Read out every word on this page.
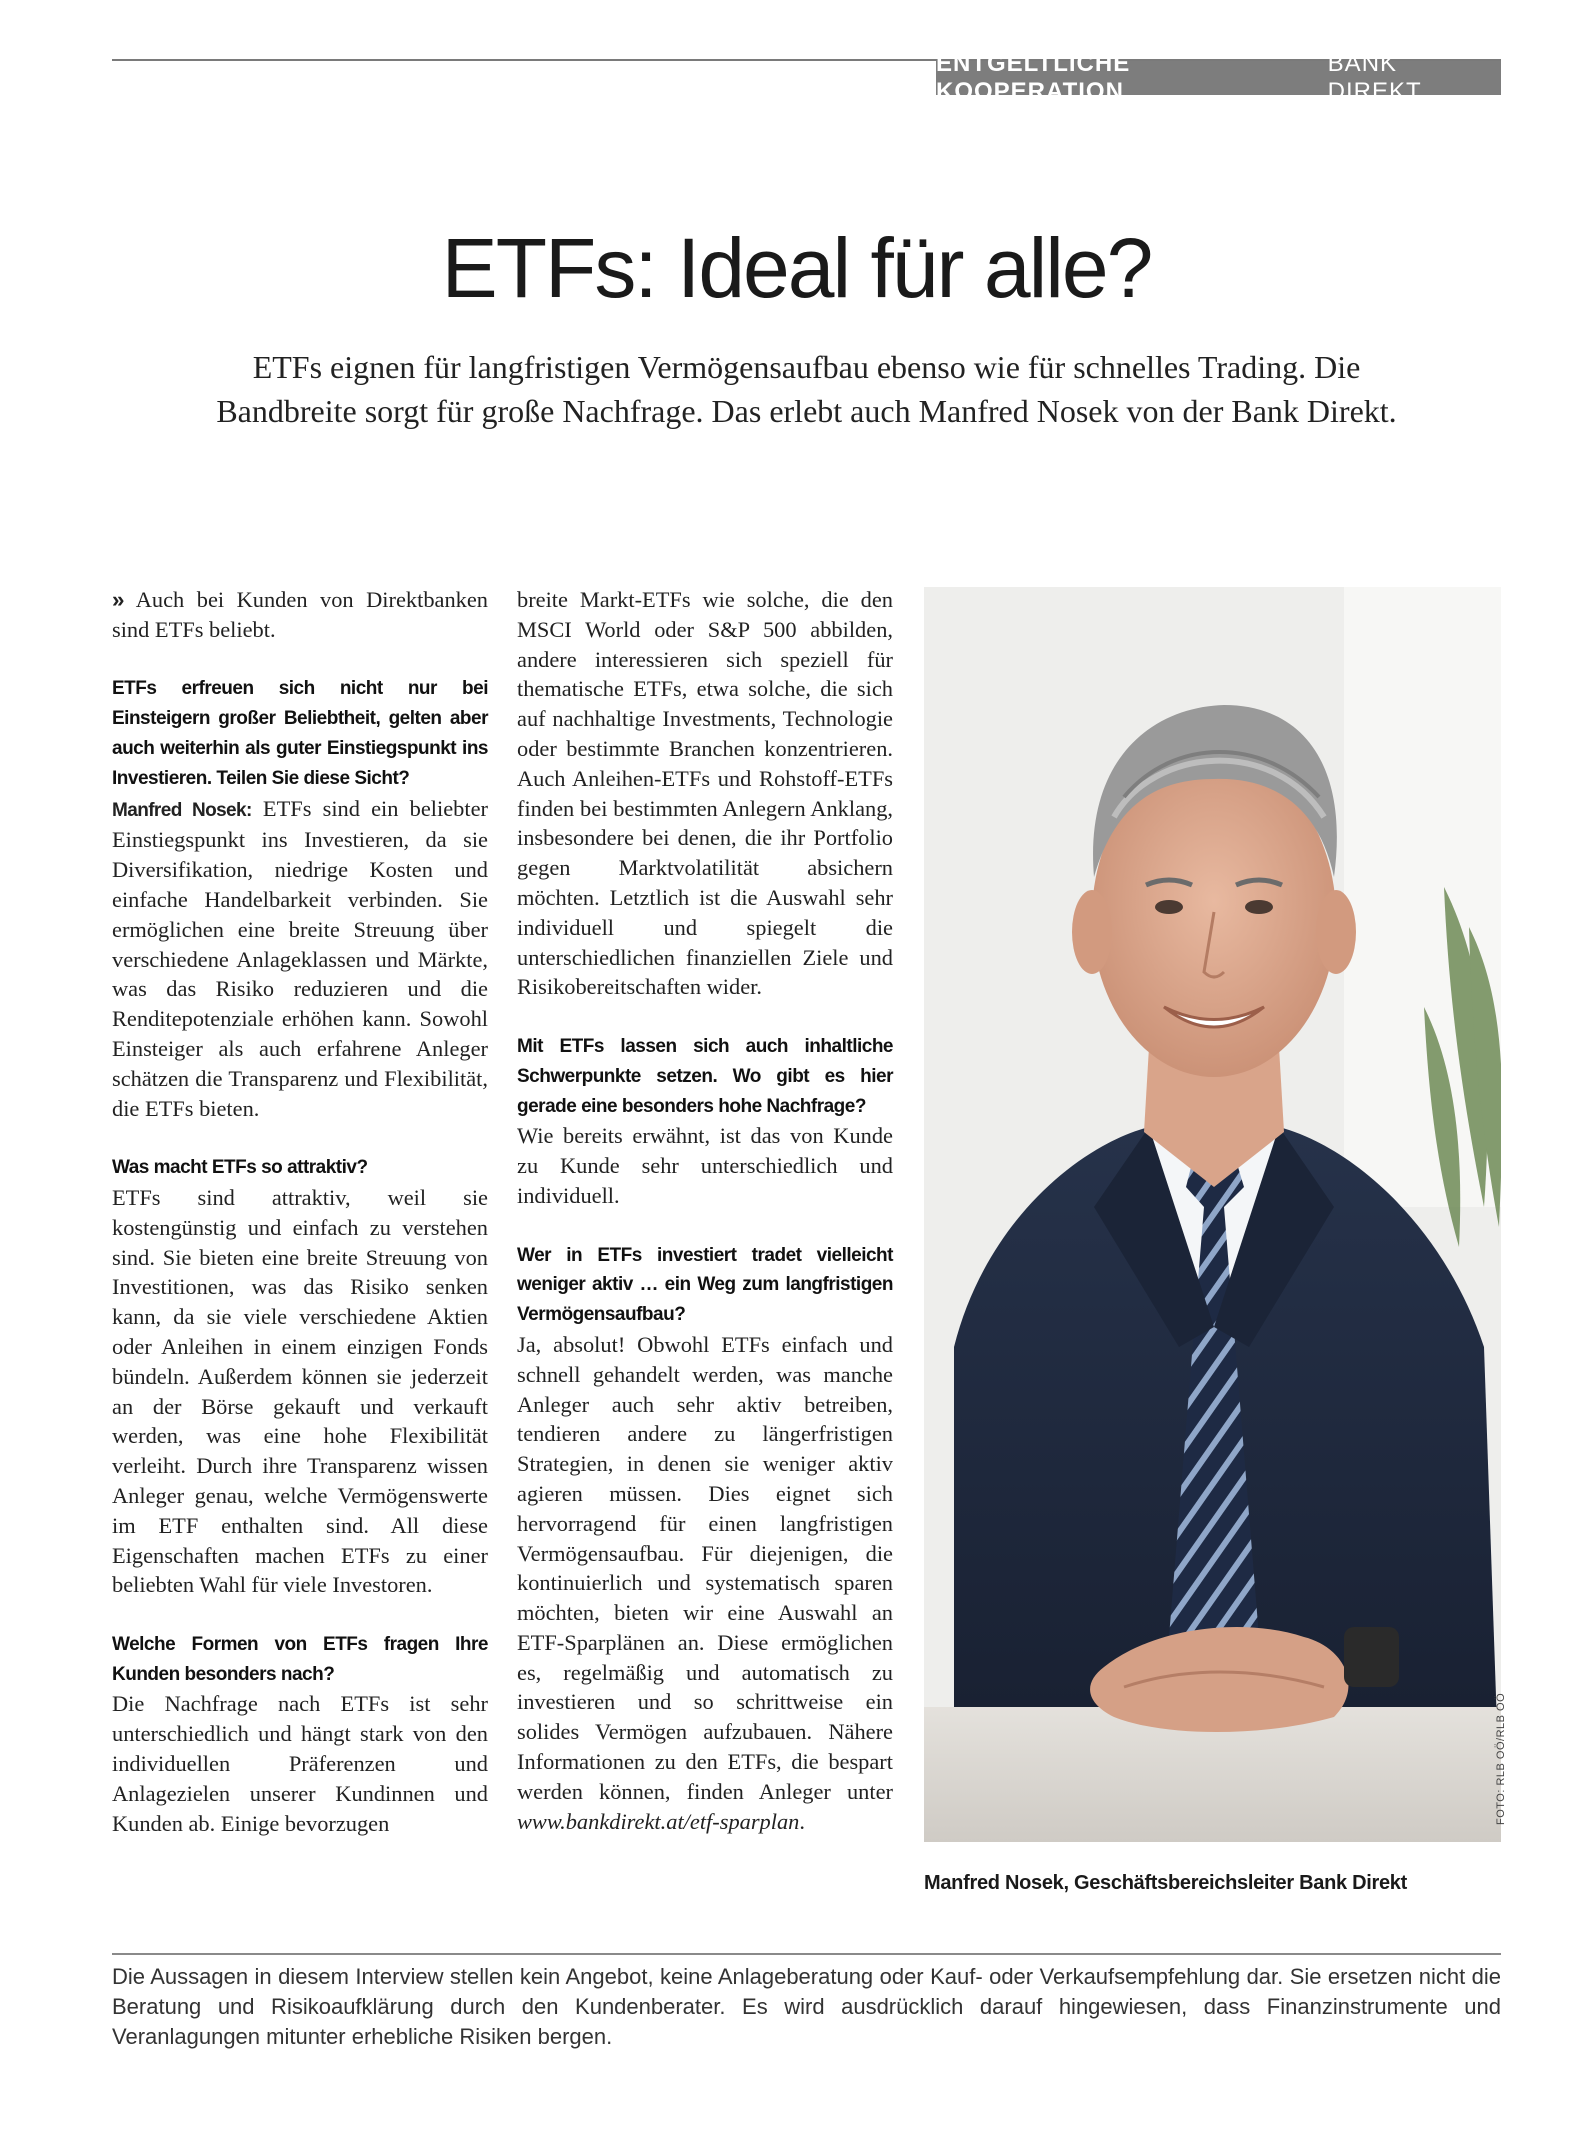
ENTGELTLICHE KOOPERATION
BANK DIREKT
ETFs: Ideal für alle?
ETFs eignen für langfristigen Vermögensaufbau ebenso wie für schnelles Trading. Die
Bandbreite sorgt für große Nachfrage. Das erlebt auch Manfred Nosek von der Bank Direkt.

» Auch bei Kunden von Direktbanken sind ETFs beliebt.

ETFs erfreuen sich nicht nur bei Einsteigern großer Beliebtheit, gelten aber auch weiterhin als guter Einstiegspunkt ins Investieren. Teilen Sie diese Sicht?

Manfred Nosek: ETFs sind ein beliebter Einstiegspunkt ins Investieren, da sie Diversifikation, niedrige Kosten und einfache Handelbarkeit verbinden. Sie ermöglichen eine breite Streuung über verschiedene Anlageklassen und Märkte, was das Risiko reduzieren und die Renditepotenziale erhöhen kann. Sowohl Einsteiger als auch erfahrene Anleger schätzen die Transparenz und Flexibilität, die ETFs bieten.

Was macht ETFs so attraktiv?

ETFs sind attraktiv, weil sie kostengünstig und einfach zu verstehen sind. Sie bieten eine breite Streuung von Investitionen, was das Risiko senken kann, da sie viele verschiedene Aktien oder Anleihen in einem einzigen Fonds bündeln. Außerdem können sie jederzeit an der Börse gekauft und verkauft werden, was eine hohe Flexibilität verleiht. Durch ihre Transparenz wissen Anleger genau, welche Vermögenswerte im ETF enthalten sind. All diese Eigenschaften machen ETFs zu einer beliebten Wahl für viele Investoren.

Welche Formen von ETFs fragen Ihre Kunden besonders nach?

Die Nachfrage nach ETFs ist sehr unterschiedlich und hängt stark von den individuellen Präferenzen und Anlagezielen unserer Kundinnen und Kunden ab. Einige bevorzugen

breite Markt-ETFs wie solche, die den MSCI World oder S&P 500 abbilden, andere interessieren sich speziell für thematische ETFs, etwa solche, die sich auf nachhaltige Investments, Technologie oder bestimmte Branchen konzentrieren. Auch Anleihen-ETFs und Rohstoff-ETFs finden bei bestimmten Anlegern Anklang, insbesondere bei denen, die ihr Portfolio gegen Marktvolatilität absichern möchten. Letztlich ist die Auswahl sehr individuell und spiegelt die unterschiedlichen finanziellen Ziele und Risikobereitschaften wider.

Mit ETFs lassen sich auch inhaltliche Schwerpunkte setzen. Wo gibt es hier gerade eine besonders hohe Nachfrage?

Wie bereits erwähnt, ist das von Kunde zu Kunde sehr unterschiedlich und individuell.

Wer in ETFs investiert tradet vielleicht weniger aktiv … ein Weg zum langfristigen Vermögensaufbau?

Ja, absolut! Obwohl ETFs einfach und schnell gehandelt werden, was manche Anleger auch sehr aktiv betreiben, tendieren andere zu längerfristigen Strategien, in denen sie weniger aktiv agieren müssen. Dies eignet sich hervorragend für einen langfristigen Vermögensaufbau. Für diejenigen, die kontinuierlich und systematisch sparen möchten, bieten wir eine Auswahl an ETF-Sparplänen an. Diese ermöglichen es, regelmäßig und automatisch zu investieren und so schrittweise ein solides Vermögen aufzubauen. Nähere Informationen zu den ETFs, die bespart werden können, finden Anleger unter www.bankdirekt.at/etf-sparplan.	FOTO: RLB OÖ/RLB OÖ
Manfred Nosek, Geschäftsbereichsleiter Bank Direkt
Die Aussagen in diesem Interview stellen kein Angebot, keine Anlageberatung oder Kauf- oder Verkaufsempfehlung dar. Sie ersetzen nicht die Beratung und Risikoaufklärung durch den Kundenberater. Es wird ausdrücklich darauf hingewiesen, dass Finanzinstrumente und Veranlagungen mitunter erhebliche Risiken bergen.
